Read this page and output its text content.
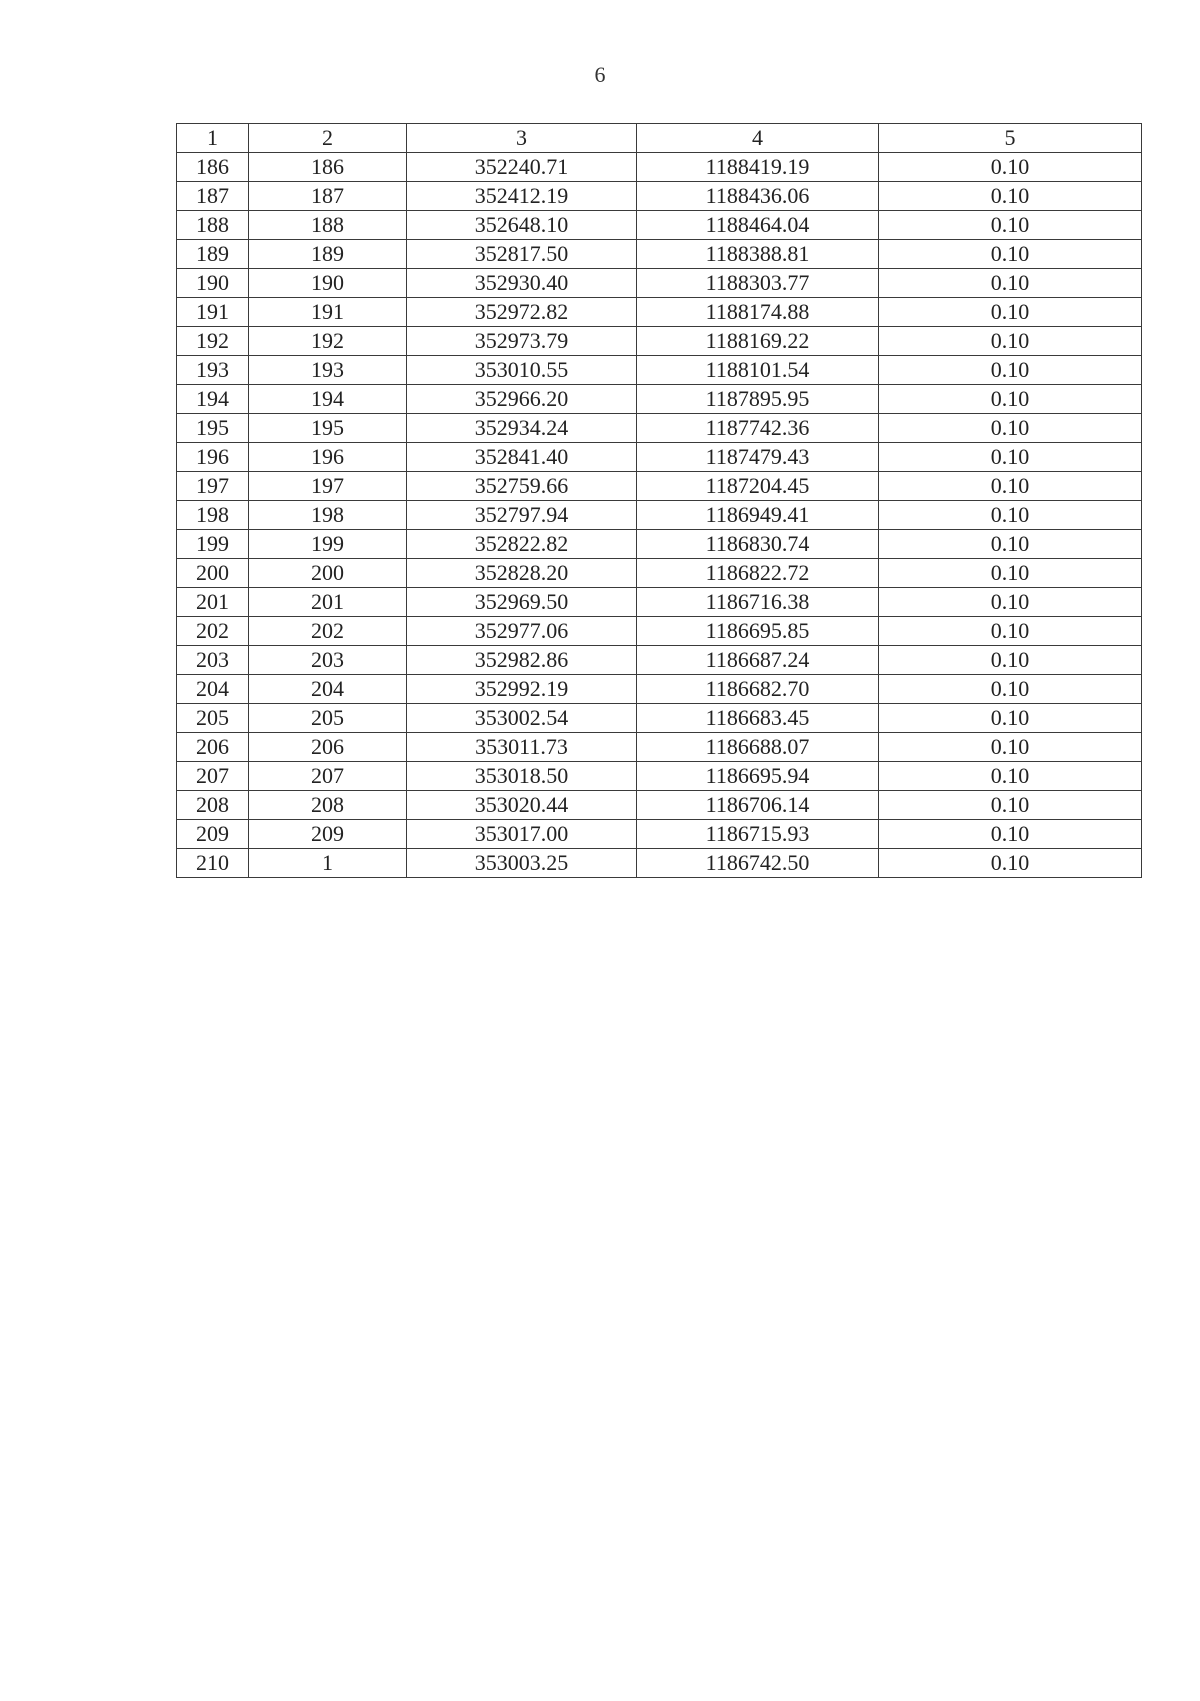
6
1	2	3	4	5
186	186	352240.71	1188419.19	0.10
187	187	352412.19	1188436.06	0.10
188	188	352648.10	1188464.04	0.10
189	189	352817.50	1188388.81	0.10
190	190	352930.40	1188303.77	0.10
191	191	352972.82	1188174.88	0.10
192	192	352973.79	1188169.22	0.10
193	193	353010.55	1188101.54	0.10
194	194	352966.20	1187895.95	0.10
195	195	352934.24	1187742.36	0.10
196	196	352841.40	1187479.43	0.10
197	197	352759.66	1187204.45	0.10
198	198	352797.94	1186949.41	0.10
199	199	352822.82	1186830.74	0.10
200	200	352828.20	1186822.72	0.10
201	201	352969.50	1186716.38	0.10
202	202	352977.06	1186695.85	0.10
203	203	352982.86	1186687.24	0.10
204	204	352992.19	1186682.70	0.10
205	205	353002.54	1186683.45	0.10
206	206	353011.73	1186688.07	0.10
207	207	353018.50	1186695.94	0.10
208	208	353020.44	1186706.14	0.10
209	209	353017.00	1186715.93	0.10
210	1	353003.25	1186742.50	0.10
